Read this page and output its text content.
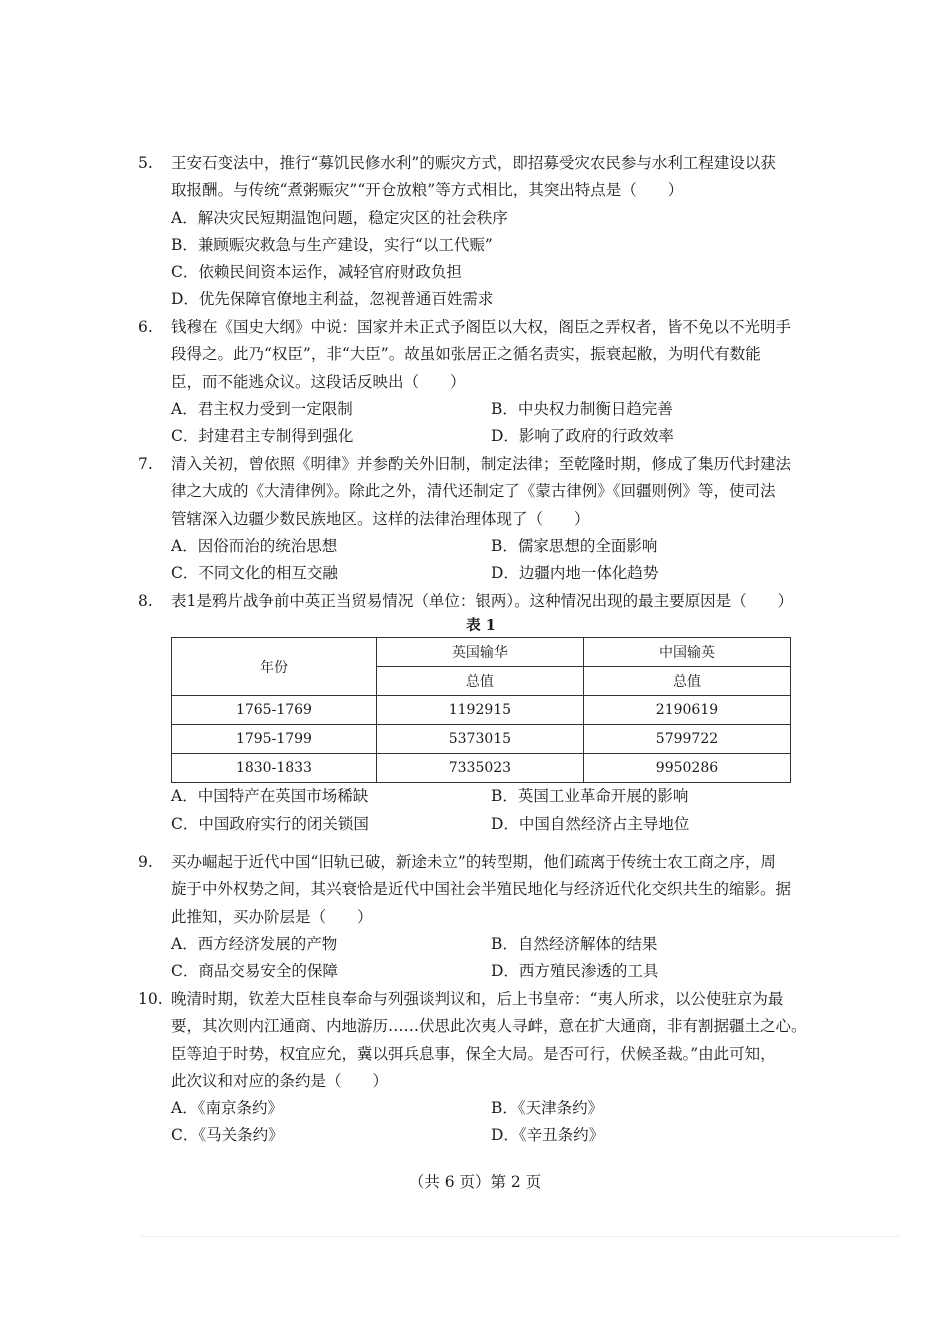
5. 王安石变法中，推行“募饥民修水利”的赈灾方式，即招募受灾农民参与水利工程建设以获
取报酬。与传统“煮粥赈灾”“开仓放粮”等方式相比，其突出特点是（　　）
A．解决灾民短期温饱问题，稳定灾区的社会秩序
B．兼顾赈灾救急与生产建设，实行“以工代赈”
C．依赖民间资本运作，减轻官府财政负担
D．优先保障官僚地主利益，忽视普通百姓需求
6. 钱穆在《国史大纲》中说：国家并未正式予阁臣以大权，阁臣之弄权者，皆不免以不光明手
段得之。此乃“权臣”，非“大臣”。故虽如张居正之循名责实，振衰起敝，为明代有数能
臣，而不能逃众议。这段话反映出（　　）
A．君主权力受到一定限制	B．中央权力制衡日趋完善
C．封建君主专制得到强化	D．影响了政府的行政效率
7. 清入关初，曾依照《明律》并参酌关外旧制，制定法律；至乾隆时期，修成了集历代封建法
律之大成的《大清律例》。除此之外，清代还制定了《蒙古律例》《回疆则例》等，使司法
管辖深入边疆少数民族地区。这样的法律治理体现了（　　）
A．因俗而治的统治思想	B．儒家思想的全面影响
C．不同文化的相互交融	D．边疆内地一体化趋势
8. 表1是鸦片战争前中英正当贸易情况（单位：银两）。这种情况出现的最主要原因是（　　）
表 1
年份	英国输华	中国输英
	总值	总值
1765-1769	1192915	2190619
1795-1799	5373015	5799722
1830-1833	7335023	9950286
A．中国特产在英国市场稀缺	B．英国工业革命开展的影响
C．中国政府实行的闭关锁国	D．中国自然经济占主导地位
9. 买办崛起于近代中国“旧轨已破，新途未立”的转型期，他们疏离于传统士农工商之序，周
旋于中外权势之间，其兴衰恰是近代中国社会半殖民地化与经济近代化交织共生的缩影。据
此推知，买办阶层是（　　）
A．西方经济发展的产物	B．自然经济解体的结果
C．商品交易安全的保障	D．西方殖民渗透的工具
10. 晚清时期，钦差大臣桂良奉命与列强谈判议和，后上书皇帝：“夷人所求，以公使驻京为最
要，其次则内江通商、内地游历……伏思此次夷人寻衅，意在扩大通商，非有割据疆土之心。
臣等迫于时势，权宜应允，冀以弭兵息事，保全大局。是否可行，伏候圣裁。”由此可知，
此次议和对应的条约是（　　）
A．《南京条约》	B．《天津条约》
C．《马关条约》	D．《辛丑条约》
（共 6 页）第 2 页
